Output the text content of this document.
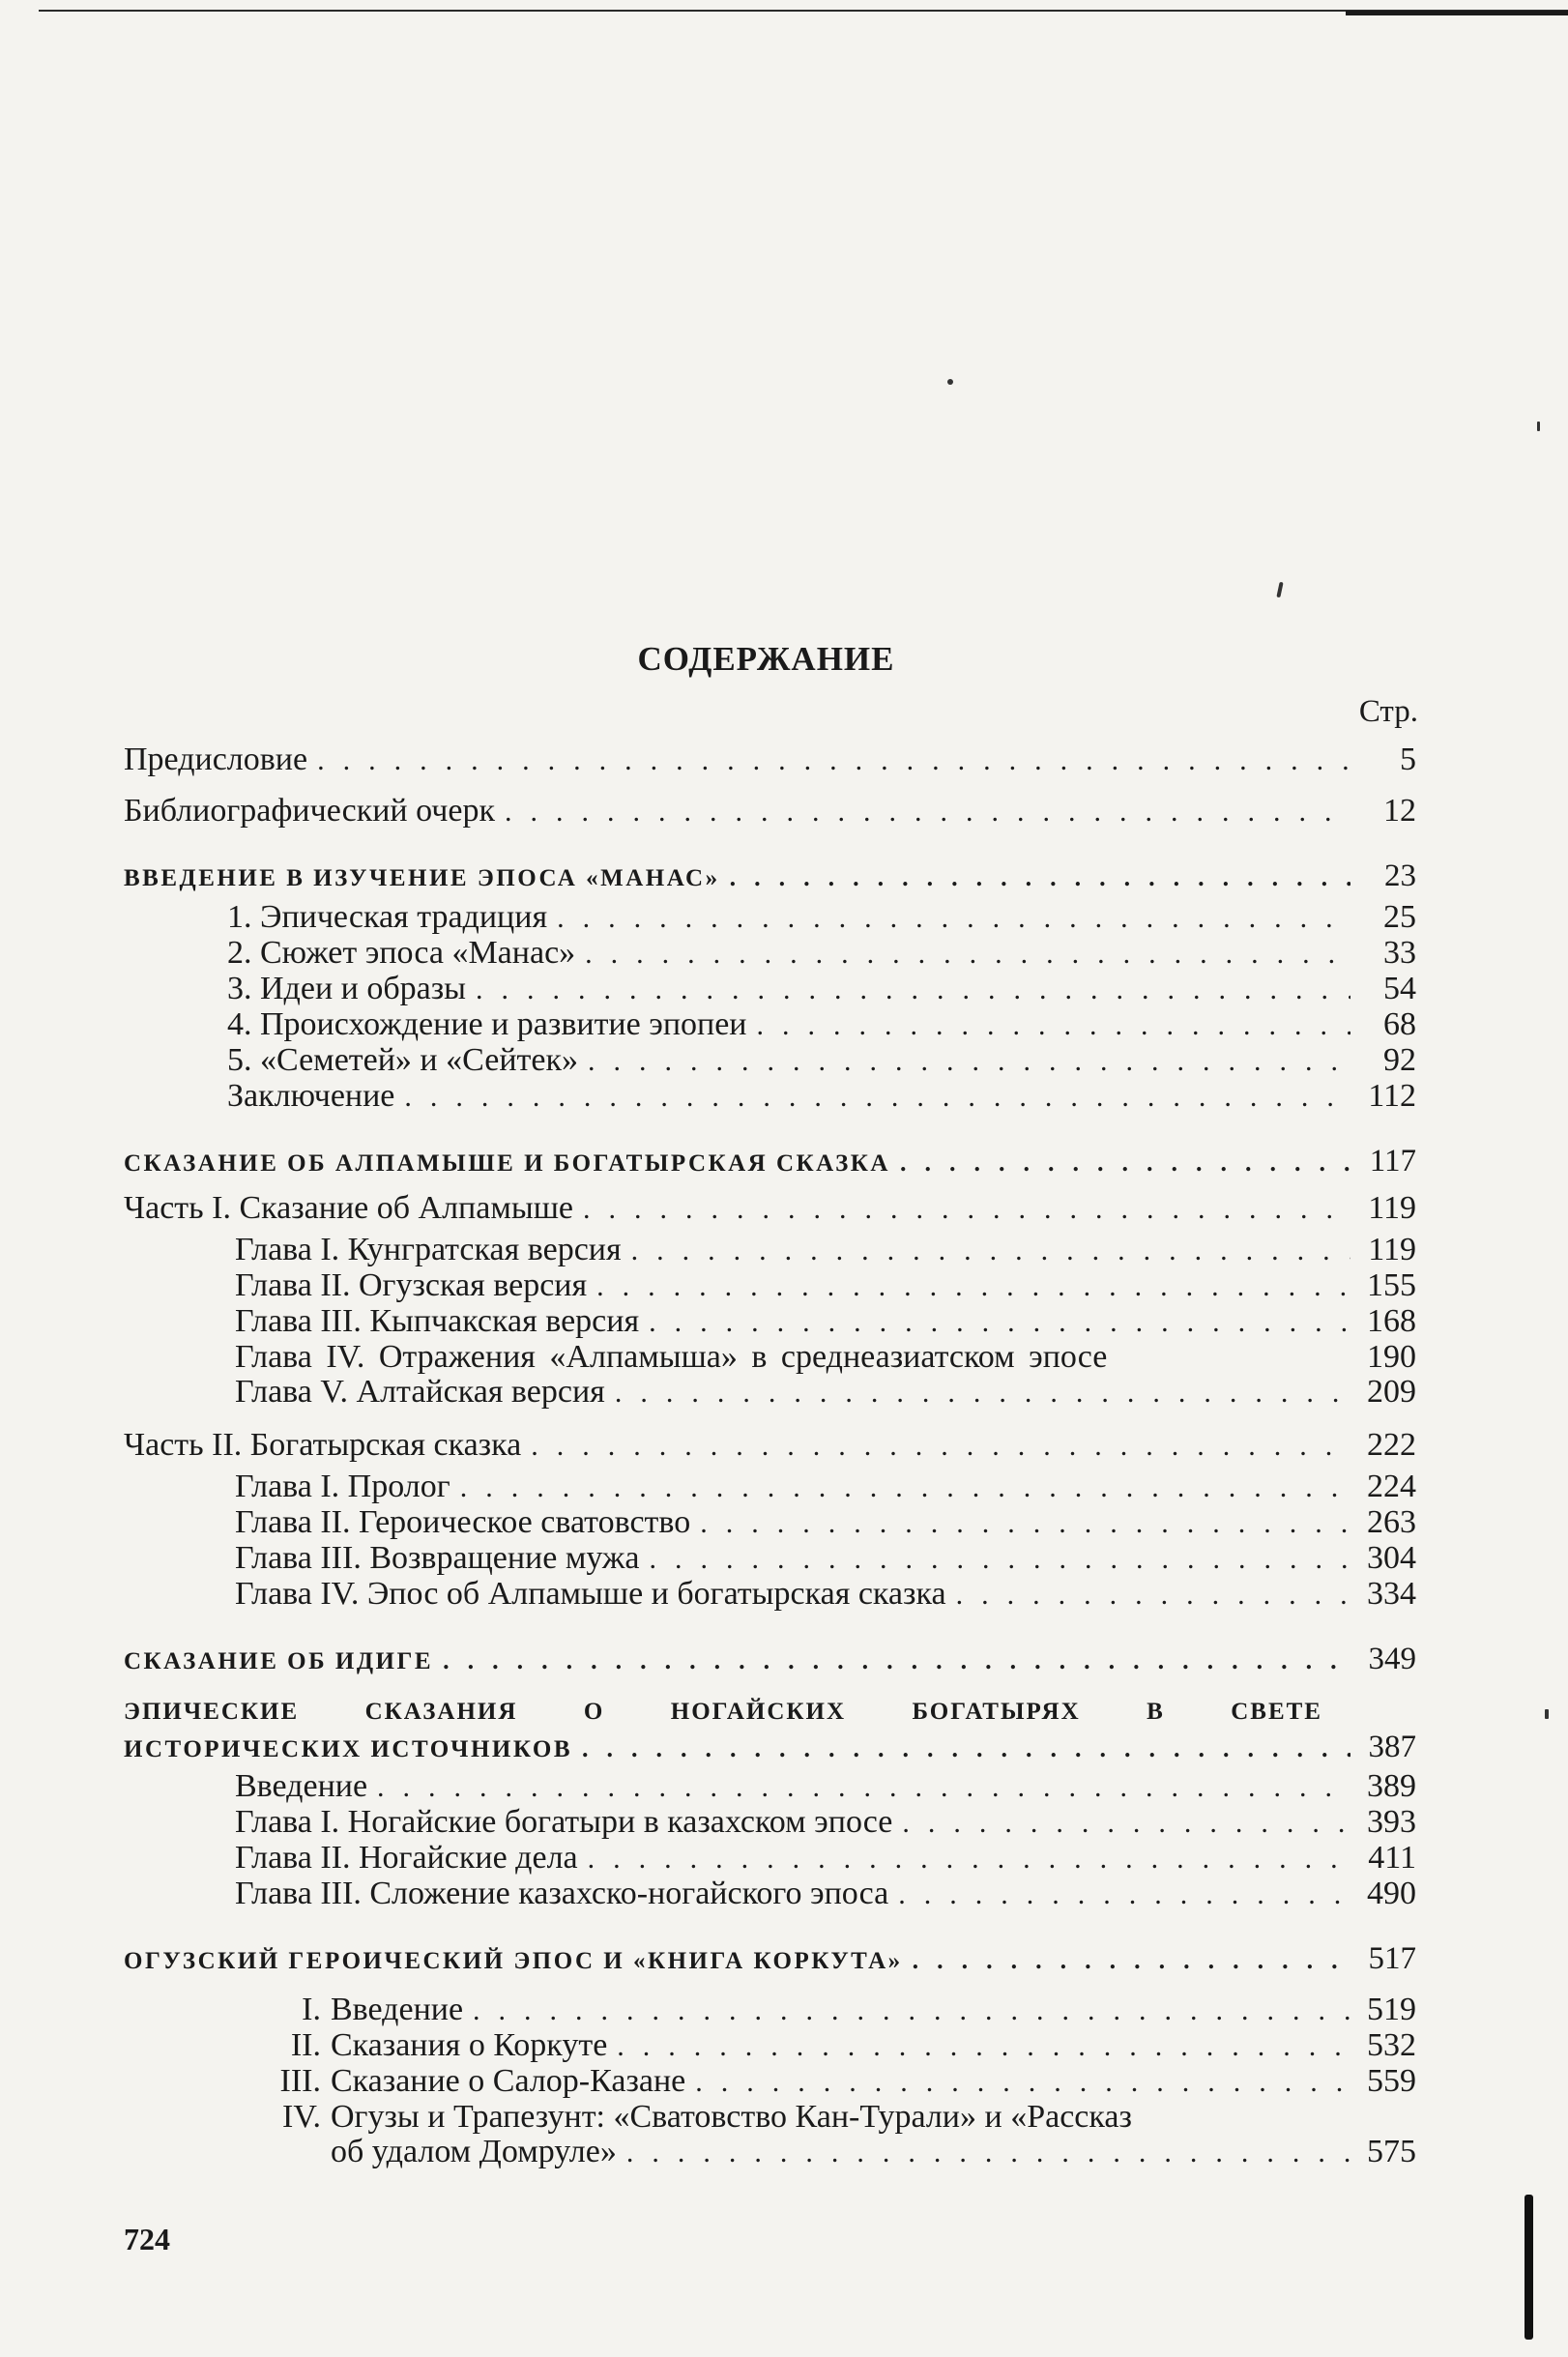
СОДЕРЖАНИЕ
Стр.
Предисловие .....	5
Библиографический очерк .....	12
ВВЕДЕНИЕ В ИЗУЧЕНИЕ ЭПОСА «МАНАС» .....	23
1. Эпическая традиция .....	25
2. Сюжет эпоса «Манас» .....	33
3. Идеи и образы .....	54
4. Происхождение и развитие эпопеи .....	68
5. «Семетей» и «Сейтек» .....	92
Заключение .....	112
СКАЗАНИЕ ОБ АЛПАМЫШЕ И БОГАТЫРСКАЯ СКАЗКА .....	117
Часть I. Сказание об Алпамыше .....	119
Глава I. Кунгратская версия .....	119
Глава II. Огузская версия .....	155
Глава III. Кыпчакская версия .....	168
Глава IV. Отражения «Алпамыша» в среднеазиатском эпосе	190
Глава V. Алтайская версия .....	209
Часть II. Богатырская сказка .....	222
Глава I. Пролог .....	224
Глава II. Героическое сватовство .....	263
Глава III. Возвращение мужа .....	304
Глава IV. Эпос об Алпамыше и богатырская сказка .....	334
СКАЗАНИЕ ОБ ИДИГЕ .....	349
ЭПИЧЕСКИЕ	СКАЗАНИЯ	О	НОГАЙСКИХ	БОГАТЫРЯХ	В	СВЕТЕ
ИСТОРИЧЕСКИХ ИСТОЧНИКОВ .....	387
Введение .....	389
Глава I. Ногайские богатыри в казахском эпосе .....	393
Глава II. Ногайские дела .....	411
Глава III. Сложение казахско-ногайского эпоса .....	490
ОГУЗСКИЙ ГЕРОИЧЕСКИЙ ЭПОС И «КНИГА КОРКУТА» .....	517
I. Введение .....	519
II. Сказания о Коркуте .....	532
III. Сказание о Салор-Казане .....	559
IV. Огузы и Трапезунт: «Сватовство Кан-Турали» и «Рассказ
об удалом Домруле» .....	575
724
